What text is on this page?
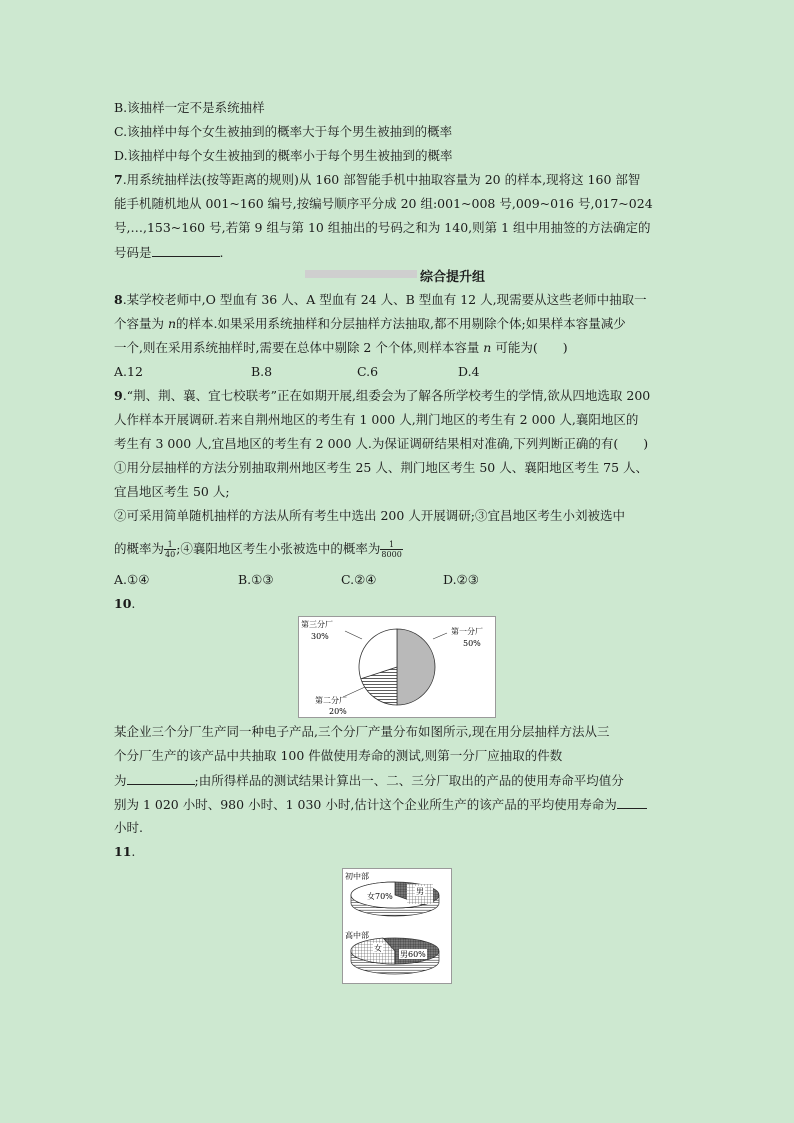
B.该抽样一定不是系统抽样
C.该抽样中每个女生被抽到的概率大于每个男生被抽到的概率
D.该抽样中每个女生被抽到的概率小于每个男生被抽到的概率
7.用系统抽样法(按等距离的规则)从 160 部智能手机中抽取容量为 20 的样本,现将这 160 部智
能手机随机地从 001~160 编号,按编号顺序平分成 20 组:001~008 号,009~016 号,017~024
号,…,153~160 号,若第 9 组与第 10 组抽出的号码之和为 140,则第 1 组中用抽签的方法确定的
号码是	.
综合提升组
8.某学校老师中,O 型血有 36 人、A 型血有 24 人、B 型血有 12 人,现需要从这些老师中抽取一
个容量为 n的样本.如果采用系统抽样和分层抽样方法抽取,都不用剔除个体;如果样本容量减少
一个,则在采用系统抽样时,需要在总体中剔除 2 个个体,则样本容量 n 可能为(　　)
A.12	B.8	C.6	D.4
9.“荆、荆、襄、宜七校联考”正在如期开展,组委会为了解各所学校考生的学情,欲从四地选取 200
人作样本开展调研.若来自荆州地区的考生有 1 000 人,荆门地区的考生有 2 000 人,襄阳地区的
考生有 3 000 人,宜昌地区的考生有 2 000 人.为保证调研结果相对准确,下列判断正确的有(　　)
①用分层抽样的方法分别抽取荆州地区考生 25 人、荆门地区考生 50 人、襄阳地区考生 75 人、
宜昌地区考生 50 人;
②可采用简单随机抽样的方法从所有考生中选出 200 人开展调研;③宜昌地区考生小刘被选中
的概率为 $\frac{1}{40}$ ;④襄阳地区考生小张被选中的概率为 $\frac{1}{8000}$
A.①④	B.①③	C.②④	D.②③
10.
第一分厂
50%
第三分厂
30%
第二分厂
20%
某企业三个分厂生产同一种电子产品,三个分厂产量分布如图所示,现在用分层抽样方法从三
个分厂生产的该产品中共抽取 100 件做使用寿命的测试,则第一分厂应抽取的件数
为	;由所得样品的测试结果计算出一、二、三分厂取出的产品的使用寿命平均值分
别为 1 020 小时、980 小时、1 030 小时,估计这个企业所生产的该产品的平均使用寿命为
小时.
11.
初中部
女70%
男
高中部
女
男60%
